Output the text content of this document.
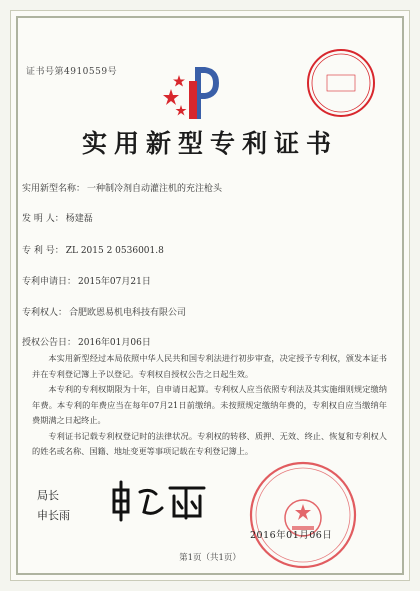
证书号第4910559号
实用新型专利证书
实用新型名称： 一种制冷剂自动灌注机的充注枪头
发 明 人： 杨建磊
专 利 号： ZL 2015 2 0536001.8
专利申请日： 2015年07月21日
专利权人： 合肥欧恩易机电科技有限公司
授权公告日： 2016年01月06日

本实用新型经过本局依照中华人民共和国专利法进行初步审查，决定授予专利权，颁发本证书并在专利登记簿上予以登记。专利权自授权公告之日起生效。

本专利的专利权期限为十年，自申请日起算。专利权人应当依照专利法及其实施细则规定缴纳年费。本专利的年费应当在每年07月21日前缴纳。未按照规定缴纳年费的，专利权自应当缴纳年费期满之日起终止。

专利证书记载专利权登记时的法律状况。专利权的转移、质押、无效、终止、恢复和专利权人的姓名或名称、国籍、地址变更等事项记载在专利登记簿上。

局长
申长雨
2016年01月06日
第1页（共1页）
